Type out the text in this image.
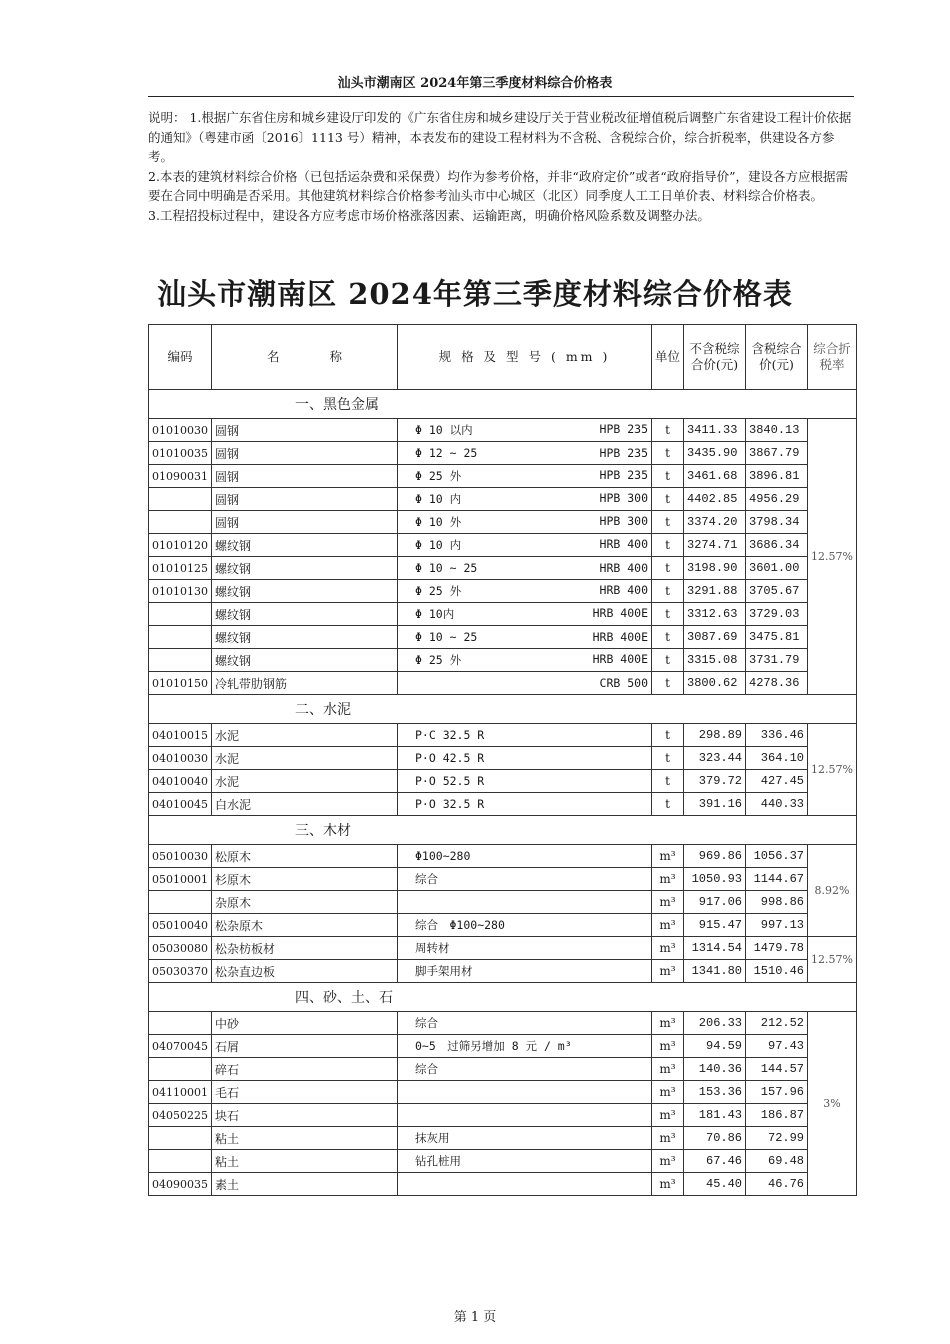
汕头市潮南区 2024年第三季度材料综合价格表

说明： 1.根据广东省住房和城乡建设厅印发的《广东省住房和城乡建设厅关于营业税改征增值税后调整广东省建设工程计价依据的通知》（粤建市函〔2016〕1113 号）精神，本表发布的建设工程材料为不含税、含税综合价，综合折税率，供建设各方参考。

2.本表的建筑材料综合价格（已包括运杂费和采保费）均作为参考价格，并非“政府定价”或者“政府指导价”，建设各方应根据需要在合同中明确是否采用。其他建筑材料综合价格参考汕头市中心城区（北区）同季度人工工日单价表、材料综合价格表。

3.工程招投标过程中，建设各方应考虑市场价格涨落因素、运输距离，明确价格风险系数及调整办法。

汕头市潮南区 2024年第三季度材料综合价格表
编码	名　　　　称	规 格 及 型 号 ( mm )	单位	不含税综合价(元)	含税综合价(元)	综合折税率
	一、黑色金属					
01010030	圆钢	Φ 10 以内 HPB 235	t	3411.33	3840.13	12.57%
01010035	圆钢	Φ 12 ~ 25 HPB 235	t	3435.90	3867.79	
01090031	圆钢	Φ 25 外 HPB 235	t	3461.68	3896.81	
	圆钢	Φ 10 内 HPB 300	t	4402.85	4956.29	
	圆钢	Φ 10 外 HPB 300	t	3374.20	3798.34	
01010120	螺纹钢	Φ 10 内 HRB 400	t	3274.71	3686.34	
01010125	螺纹钢	Φ 10 ~ 25 HRB 400	t	3198.90	3601.00	
01010130	螺纹钢	Φ 25 外 HRB 400	t	3291.88	3705.67	
	螺纹钢	Φ 10内 HRB 400E	t	3312.63	3729.03	
	螺纹钢	Φ 10 ~ 25 HRB 400E	t	3087.69	3475.81	
	螺纹钢	Φ 25 外 HRB 400E	t	3315.08	3731.79	
01010150	冷轧带肋钢筋	CRB 500	t	3800.62	4278.36	
	二、水泥					
04010015	水泥	P·C 32.5 R	t	298.89	336.46	12.57%
04010030	水泥	P·O 42.5 R	t	323.44	364.10	
04010040	水泥	P·O 52.5 R	t	379.72	427.45	
04010045	白水泥	P·O 32.5 R	t	391.16	440.33	
	三、木材					
05010030	松原木	Φ100~280	m³	969.86	1056.37	8.92%
05010001	杉原木	综合	m³	1050.93	1144.67	
	杂原木		m³	917.06	998.86	
05010040	松杂原木	综合　Φ100~280	m³	915.47	997.13	
05030080	松杂枋板材	周转材	m³	1314.54	1479.78	12.57%
05030370	松杂直边板	脚手架用材	m³	1341.80	1510.46	
	四、砂、土、石					
	中砂	综合	m³	206.33	212.52	3%
04070045	石屑	0~5　过筛另增加 8 元 / m³	m³	94.59	97.43	
	碎石	综合	m³	140.36	144.57	
04110001	毛石		m³	153.36	157.96	
04050225	块石		m³	181.43	186.87	
	粘土	抹灰用	m³	70.86	72.99	
	粘土	钻孔桩用	m³	67.46	69.48	
04090035	素土		m³	45.40	46.76	
第 1 页
